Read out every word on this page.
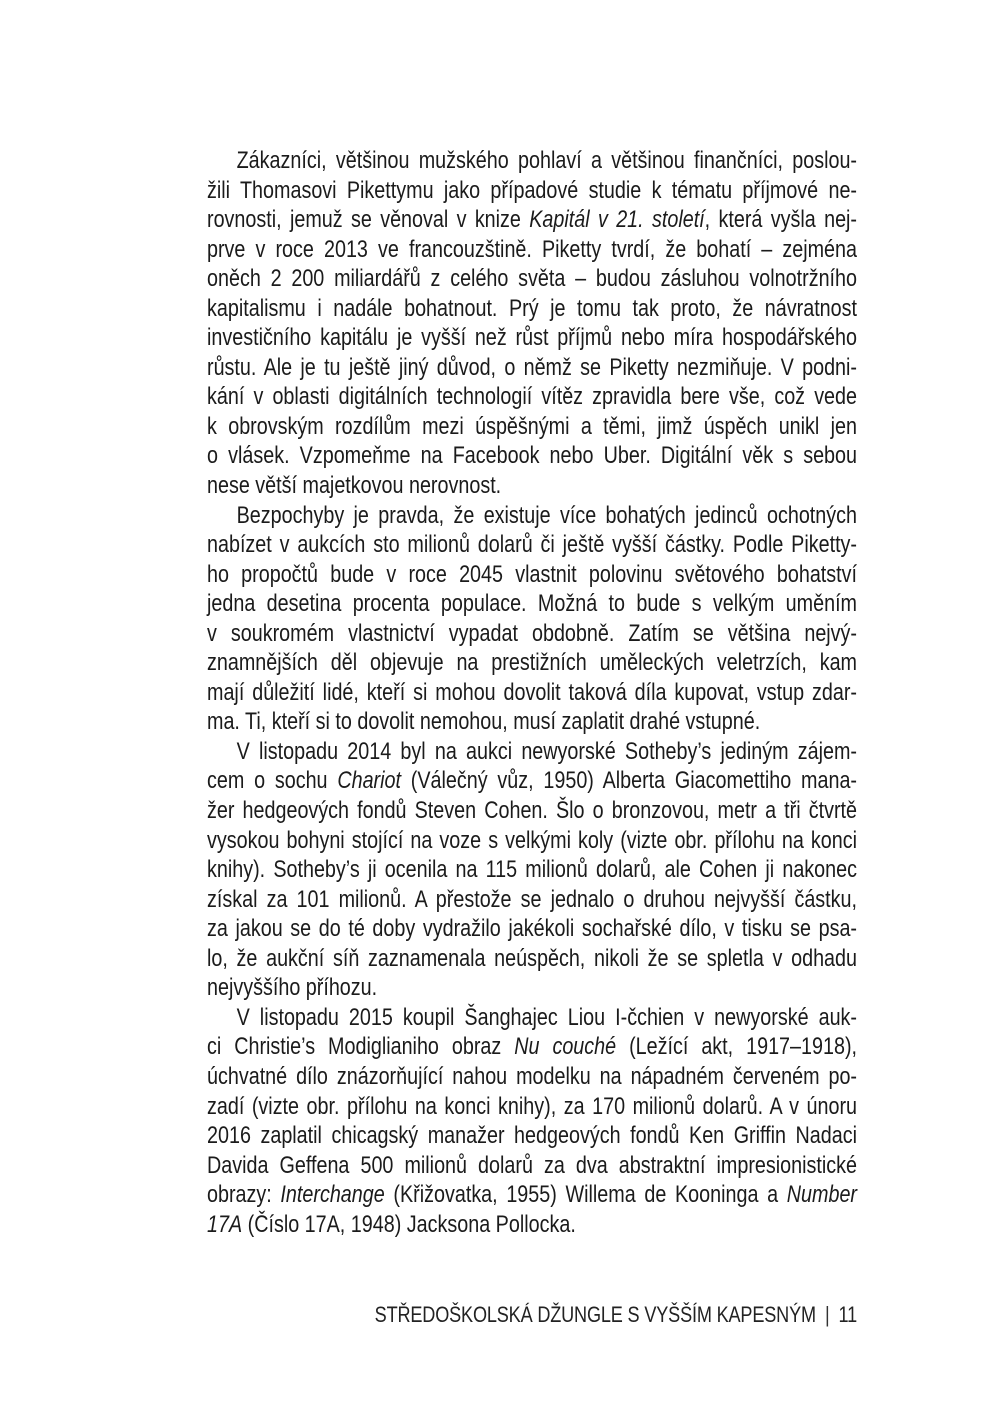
Zákazníci, většinou mužského pohlaví a většinou finančníci, poslou-
žili Thomasovi Pikettymu jako případové studie k tématu příjmové ne-
rovnosti, jemuž se věnoval v knize Kapitál v 21. století, která vyšla nej-
prve v roce 2013 ve francouzštině. Piketty tvrdí, že bohatí – zejména
oněch 2 200 miliardářů z celého světa – budou zásluhou volnotržního
kapitalismu i nadále bohatnout. Prý je tomu tak proto, že návratnost
investičního kapitálu je vyšší než růst příjmů nebo míra hospodářského
růstu. Ale je tu ještě jiný důvod, o němž se Piketty nezmiňuje. V podni-
kání v oblasti digitálních technologií vítěz zpravidla bere vše, což vede
k obrovským rozdílům mezi úspěšnými a těmi, jimž úspěch unikl jen
o vlásek. Vzpomeňme na Facebook nebo Uber. Digitální věk s sebou
nese větší majetkovou nerovnost.
Bezpochyby je pravda, že existuje více bohatých jedinců ochotných
nabízet v aukcích sto milionů dolarů či ještě vyšší částky. Podle Piketty-
ho propočtů bude v roce 2045 vlastnit polovinu světového bohatství
jedna desetina procenta populace. Možná to bude s velkým uměním
v soukromém vlastnictví vypadat obdobně. Zatím se většina nejvý-
znamnějších děl objevuje na prestižních uměleckých veletrzích, kam
mají důležití lidé, kteří si mohou dovolit taková díla kupovat, vstup zdar-
ma. Ti, kteří si to dovolit nemohou, musí zaplatit drahé vstupné.
V listopadu 2014 byl na aukci newyorské Sotheby’s jediným zájem-
cem o sochu Chariot (Válečný vůz, 1950) Alberta Giacomettiho mana-
žer hedgeových fondů Steven Cohen. Šlo o bronzovou, metr a tři čtvrtě
vysokou bohyni stojící na voze s velkými koly (vizte obr. přílohu na konci
knihy). Sotheby’s ji ocenila na 115 milionů dolarů, ale Cohen ji nakonec
získal za 101 milionů. A přestože se jednalo o druhou nejvyšší částku,
za jakou se do té doby vydražilo jakékoli sochařské dílo, v tisku se psa-
lo, že aukční síň zaznamenala neúspěch, nikoli že se spletla v odhadu
nejvyššího příhozu.
V listopadu 2015 koupil Šanghajec Liou I-čchien v newyorské auk-
ci Christie’s Modiglianiho obraz Nu couché (Ležící akt, 1917–1918),
úchvatné dílo znázorňující nahou modelku na nápadném červeném po-
zadí (vizte obr. přílohu na konci knihy), za 170 milionů dolarů. A v únoru
2016 zaplatil chicagský manažer hedgeových fondů Ken Griffin Nadaci
Davida Geffena 500 milionů dolarů za dva abstraktní impresionistické
obrazy: Interchange (Křižovatka, 1955) Willema de Kooninga a Number
17A (Číslo 17A, 1948) Jacksona Pollocka.
STŘEDOŠKOLSKÁ DŽUNGLE S VYŠŠÍM KAPESNÝM | 11
